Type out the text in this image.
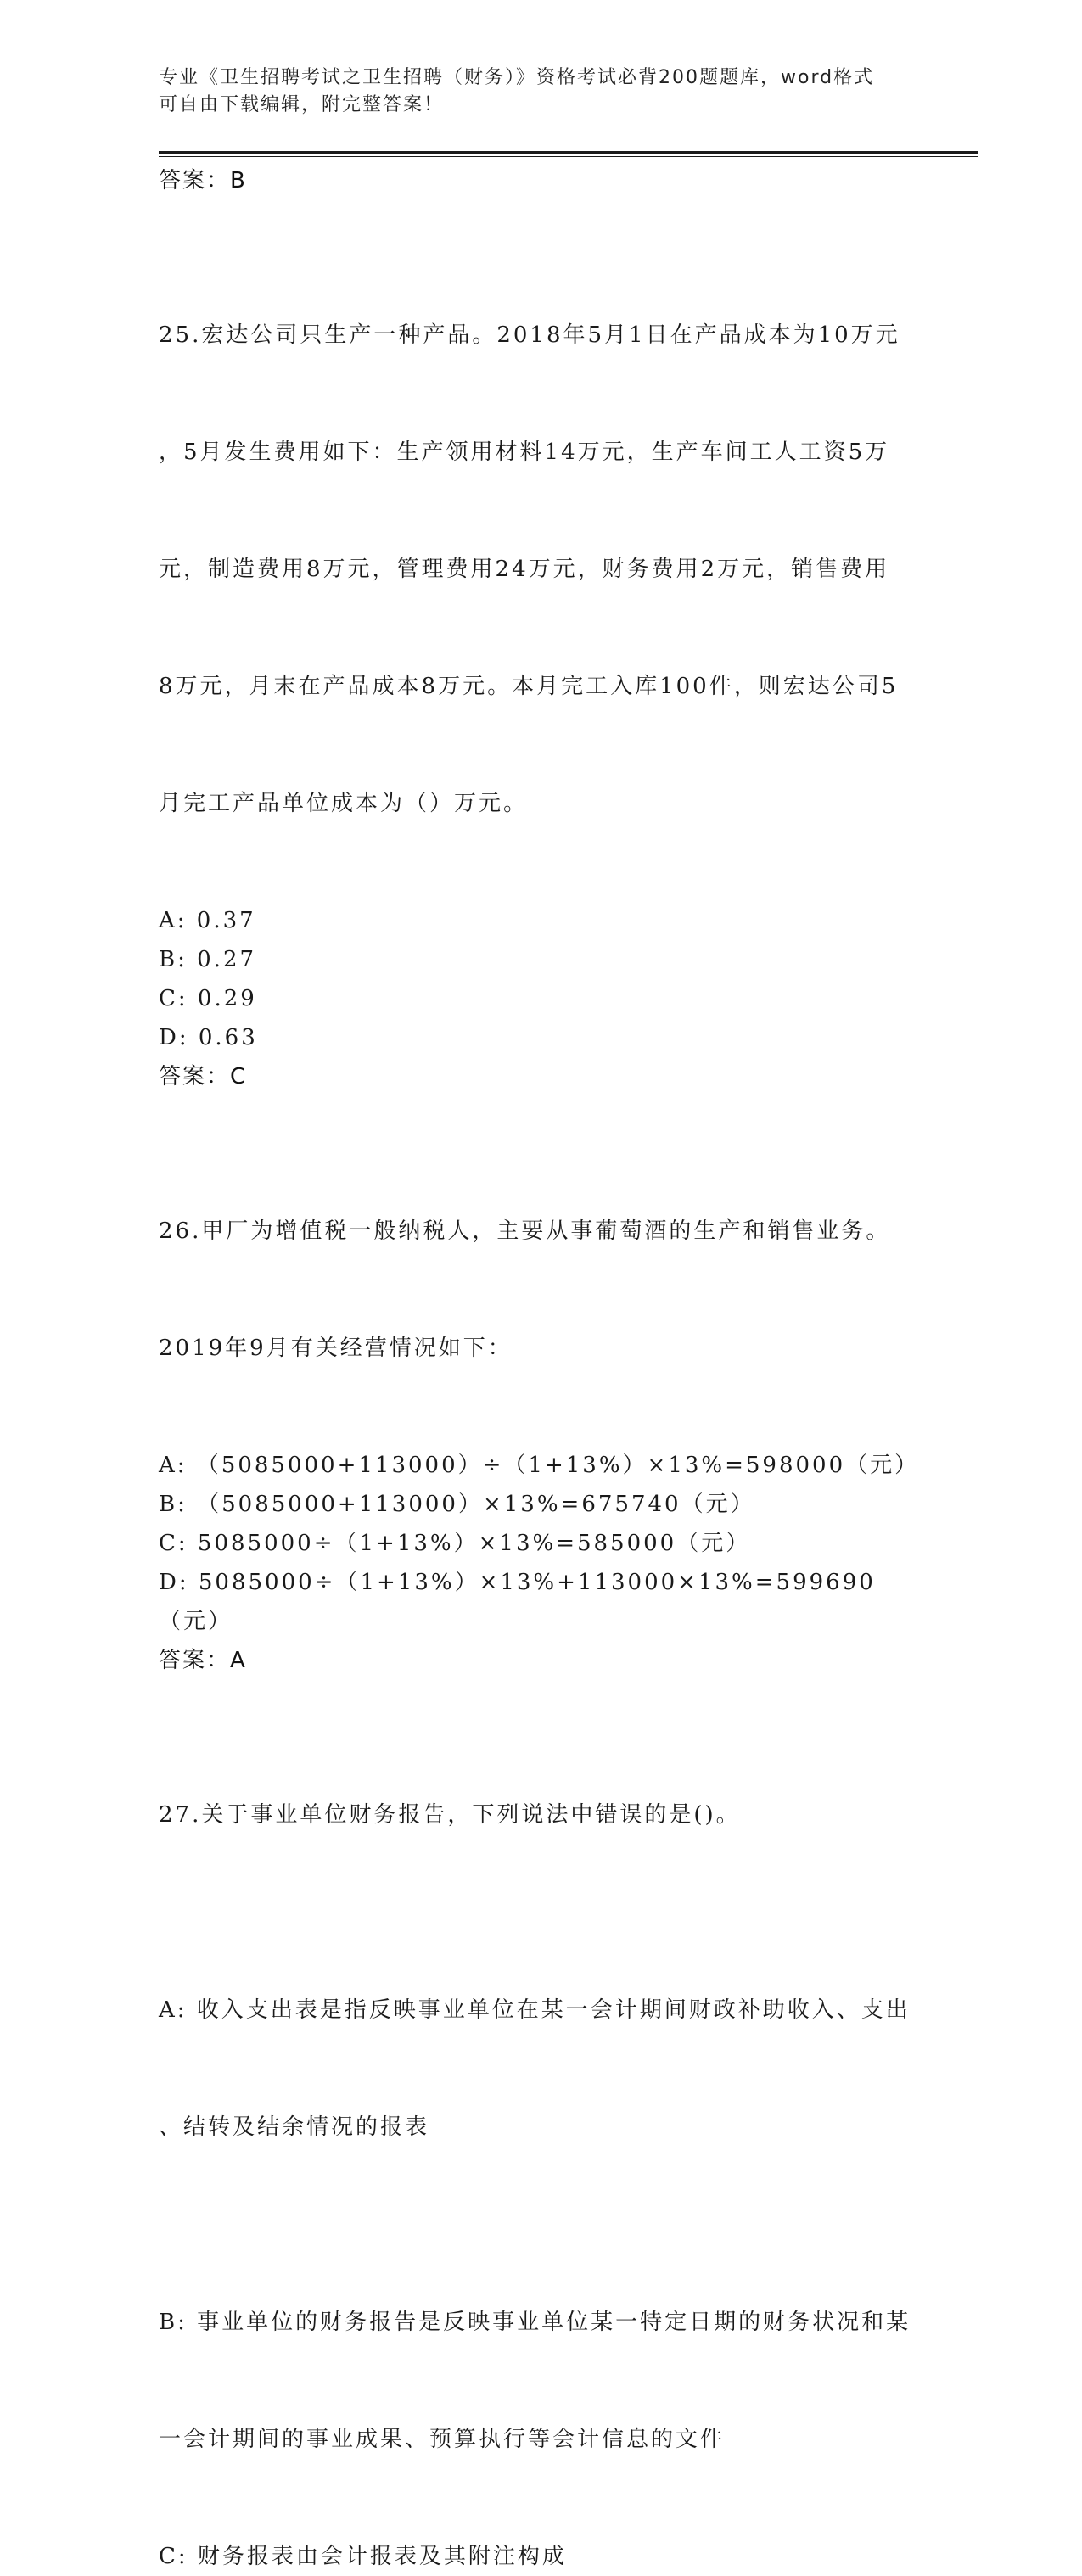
专业《卫生招聘考试之卫生招聘（财务）》资格考试必背200题题库，word格式
可自由下载编辑，附完整答案！
答案：B

25.宏达公司只生产一种产品。2018年5月1日在产品成本为10万元

，5月发生费用如下：生产领用材料14万元，生产车间工人工资5万

元，制造费用8万元，管理费用24万元，财务费用2万元，销售费用

8万元，月末在产品成本8万元。本月完工入库100件，则宏达公司5

月完工产品单位成本为（）万元。

A: 0.37
B: 0.27
C: 0.29
D: 0.63
答案：C

26.甲厂为增值税一般纳税人，主要从事葡萄酒的生产和销售业务。

2019年9月有关经营情况如下：

A: （5085000+113000）÷（1+13%）×13%=598000（元）
B: （5085000+113000）×13%=675740（元）
C: 5085000÷（1+13%）×13%=585000（元）
D: 5085000÷（1+13%）×13%+113000×13%=599690（元）
答案：A

27.关于事业单位财务报告，下列说法中错误的是()。

A: 收入支出表是指反映事业单位在某一会计期间财政补助收入、支出

、结转及结余情况的报表

B: 事业单位的财务报告是反映事业单位某一特定日期的财务状况和某

一会计期间的事业成果、预算执行等会计信息的文件

C: 财务报表由会计报表及其附注构成
